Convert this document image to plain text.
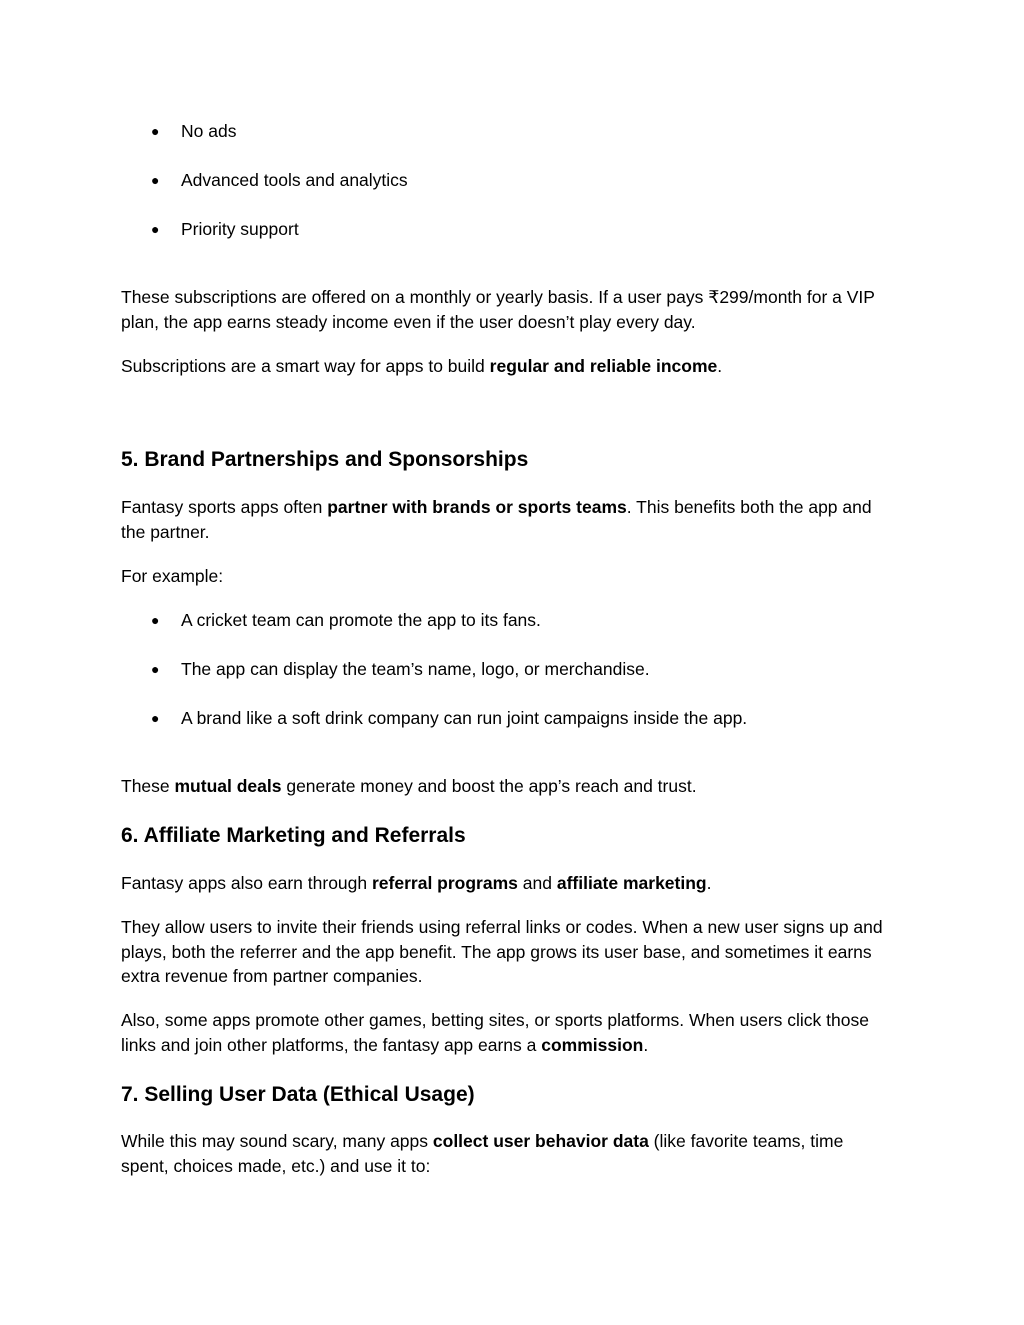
● No ads
● Advanced tools and analytics
● Priority support
These subscriptions are offered on a monthly or yearly basis. If a user pays ₹299/month for a VIP plan, the app earns steady income even if the user doesn’t play every day.
Subscriptions are a smart way for apps to build regular and reliable income.
5. Brand Partnerships and Sponsorships
Fantasy sports apps often partner with brands or sports teams. This benefits both the app and the partner.
For example:
● A cricket team can promote the app to its fans.
● The app can display the team’s name, logo, or merchandise.
● A brand like a soft drink company can run joint campaigns inside the app.
These mutual deals generate money and boost the app’s reach and trust.
6. Affiliate Marketing and Referrals
Fantasy apps also earn through referral programs and affiliate marketing.
They allow users to invite their friends using referral links or codes. When a new user signs up and plays, both the referrer and the app benefit. The app grows its user base, and sometimes it earns extra revenue from partner companies.
Also, some apps promote other games, betting sites, or sports platforms. When users click those links and join other platforms, the fantasy app earns a commission.
7. Selling User Data (Ethical Usage)
While this may sound scary, many apps collect user behavior data (like favorite teams, time spent, choices made, etc.) and use it to:
